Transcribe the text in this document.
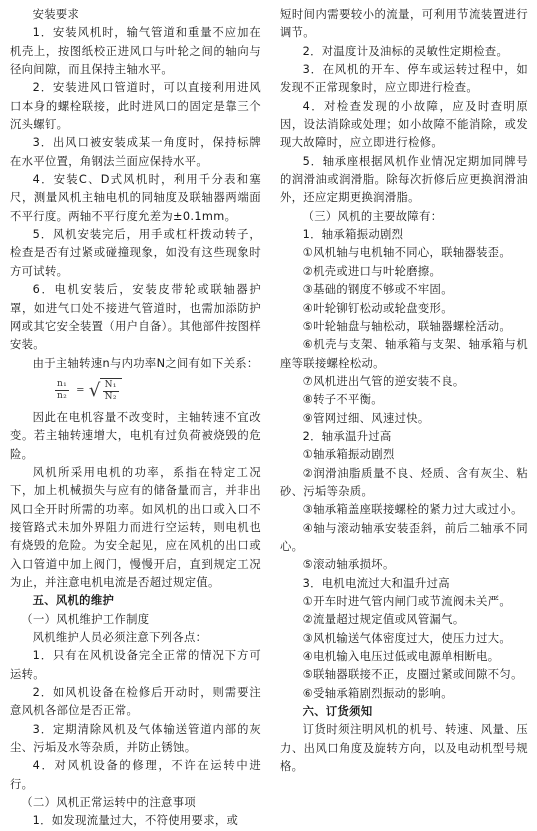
安装要求

1．安装风机时，输气管道和重量不应加在机壳上，按图纸校正进风口与叶轮之间的轴向与径向间隙，而且保持主轴水平。

2．安装进风口管道时，可以直接利用进风口本身的螺栓联接，此时进风口的固定是靠三个沉头螺钉。

3．出风口被安装成某一角度时，保持标牌在水平位置，角钢法兰面应保持水平。

4．安装C、D式风机时，利用千分表和塞尺，测量风机主轴电机的同轴度及联轴器两端面不平行度。两轴不平行度允差为±0.1mm。

5．风机安装完后，用手或杠杆拨动转子，检查是否有过紧或碰撞现象，如没有这些现象时方可试转。

6．电机安装后，安装皮带轮或联轴器护罩，如进气口处不接进气管道时，也需加添防护网或其它安全装置（用户自备）。其他部件按图样安装。

由于主轴转速n与内功率N之间有如下关系：

$\frac{\text{n₁}}{\text{n₂}}$ = √ N₁
N₂

因此在电机容量不改变时，主轴转速不宜改变。若主轴转速增大，电机有过负荷被烧毁的危险。

风机所采用电机的功率，系指在特定工况下，加上机械损失与应有的储备量而言，并非出风口全开时所需的功率。如风机的出口或入口不接管路式未加外界阻力而进行空运转，则电机也有烧毁的危险。为安全起见，应在风机的出口或入口管道中加上阀门，慢慢开启，直到规定工况为止，并注意电机电流是否超过规定值。

五、风机的维护

（一）风机维护工作制度

风机维护人员必须注意下列各点：

1．只有在风机设备完全正常的情况下方可运转。

2．如风机设备在检修后开动时，则需要注意风机各部位是否正常。

3．定期清除风机及气体输送管道内部的灰尘、污垢及水等杂质，并防止锈蚀。

4．对风机设备的修理，不许在运转中进行。

（二）风机正常运转中的注意事项

1．如发现流量过大，不符使用要求，或

短时间内需要较小的流量，可利用节流装置进行调节。

2．对温度计及油标的灵敏性定期检查。

3．在风机的开车、停车或运转过程中，如发现不正常现象时，应立即进行检查。

4．对检查发现的小故障，应及时查明原因，设法消除或处理；如小故障不能消除，或发现大故障时，应立即进行检修。

5．轴承座根据风机作业情况定期加同牌号的润滑油或润滑脂。除每次折修后应更换润滑油外，还应定期更换润滑脂。

（三）风机的主要故障有：

1．轴承箱振动剧烈

①风机轴与电机轴不同心，联轴器装歪。

②机壳或进口与叶轮磨擦。

③基础的钢度不够或不牢固。

④叶轮铆钉松动或轮盘变形。

⑤叶轮轴盘与轴松动，联轴器螺栓活动。

⑥机壳与支架、轴承箱与支架、轴承箱与机座等联接螺栓松动。

⑦风机进出气管的逆安装不良。

⑧转子不平衡。

⑨管网过细、风速过快。

2．轴承温升过高

①轴承箱振动剧烈

②润滑油脂质量不良、烃质、含有灰尘、粘砂、污垢等杂质。

③轴承箱盖座联接螺栓的紧力过大或过小。

④轴与滚动轴承安装歪斜，前后二轴承不同心。

⑤滚动轴承损坏。

3．电机电流过大和温升过高

①开车时进气管内闸门或节流阀未关严。

②流量超过规定值或风管漏气。

③风机输送气体密度过大，使压力过大。

④电机输入电压过低或电源单相断电。

⑤联轴器联接不正，皮圈过紧或间隙不匀。

⑥受轴承箱剧烈振动的影响。

六、订货须知

订货时须注明风机的机号、转速、风量、压力、出风口角度及旋转方向，以及电动机型号规格。
